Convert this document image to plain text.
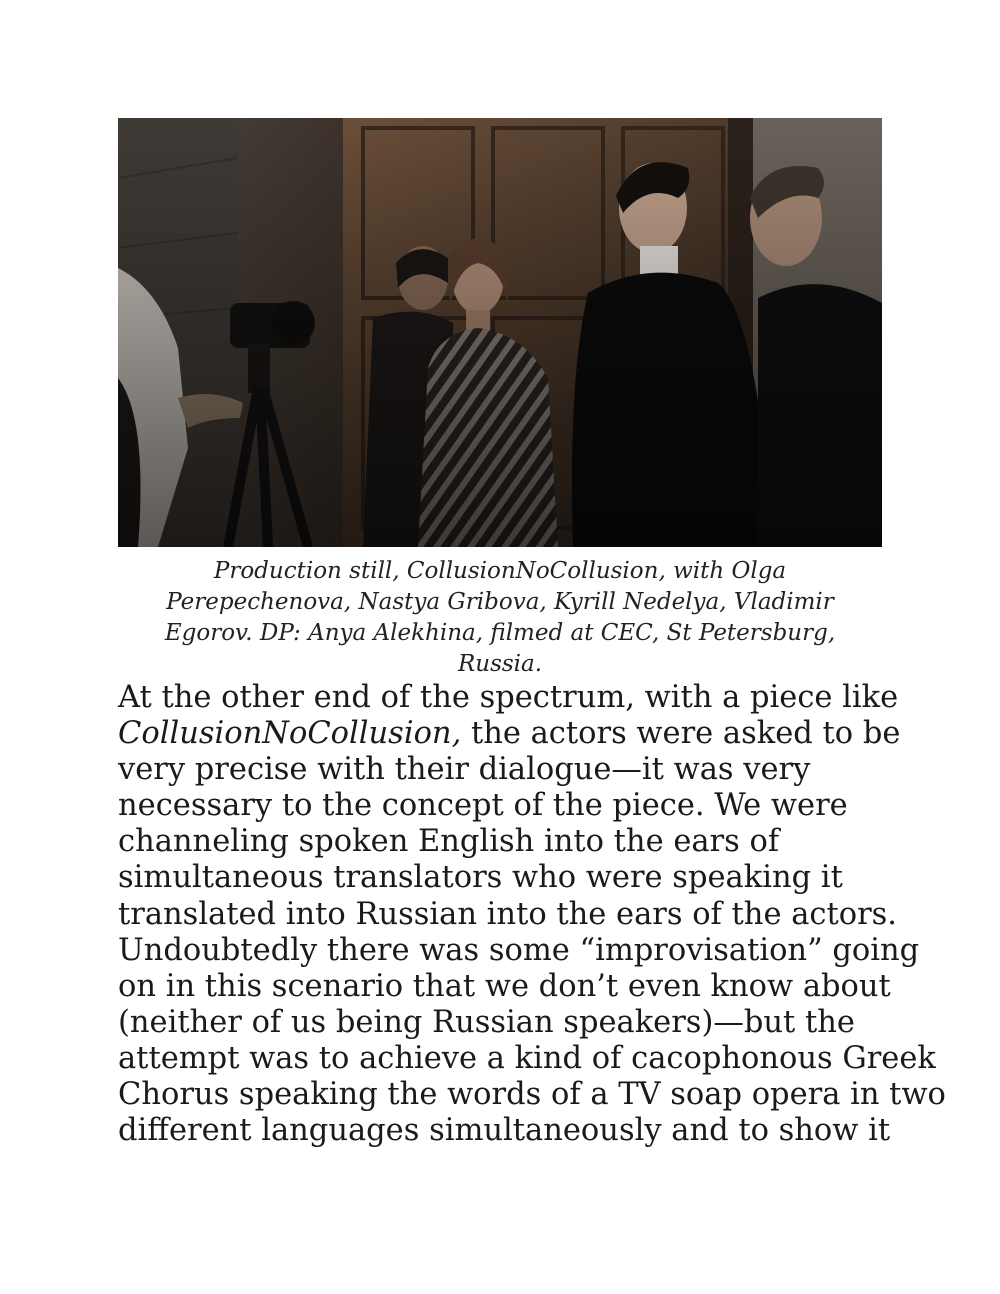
Production still, CollusionNoCollusion, with Olga
Perepechenova, Nastya Gribova, Kyrill Nedelya, Vladimir
Egorov. DP: Anya Alekhina, filmed at CEC, St Petersburg,
Russia.

At the other end of the spectrum, with a piece like
CollusionNoCollusion, the actors were asked to be
very precise with their dialogue—it was very
necessary to the concept of the piece. We were
channeling spoken English into the ears of
simultaneous translators who were speaking it
translated into Russian into the ears of the actors.
Undoubtedly there was some “improvisation” going
on in this scenario that we don’t even know about
(neither of us being Russian speakers)—but the
attempt was to achieve a kind of cacophonous Greek
Chorus speaking the words of a TV soap opera in two
different languages simultaneously and to show it
